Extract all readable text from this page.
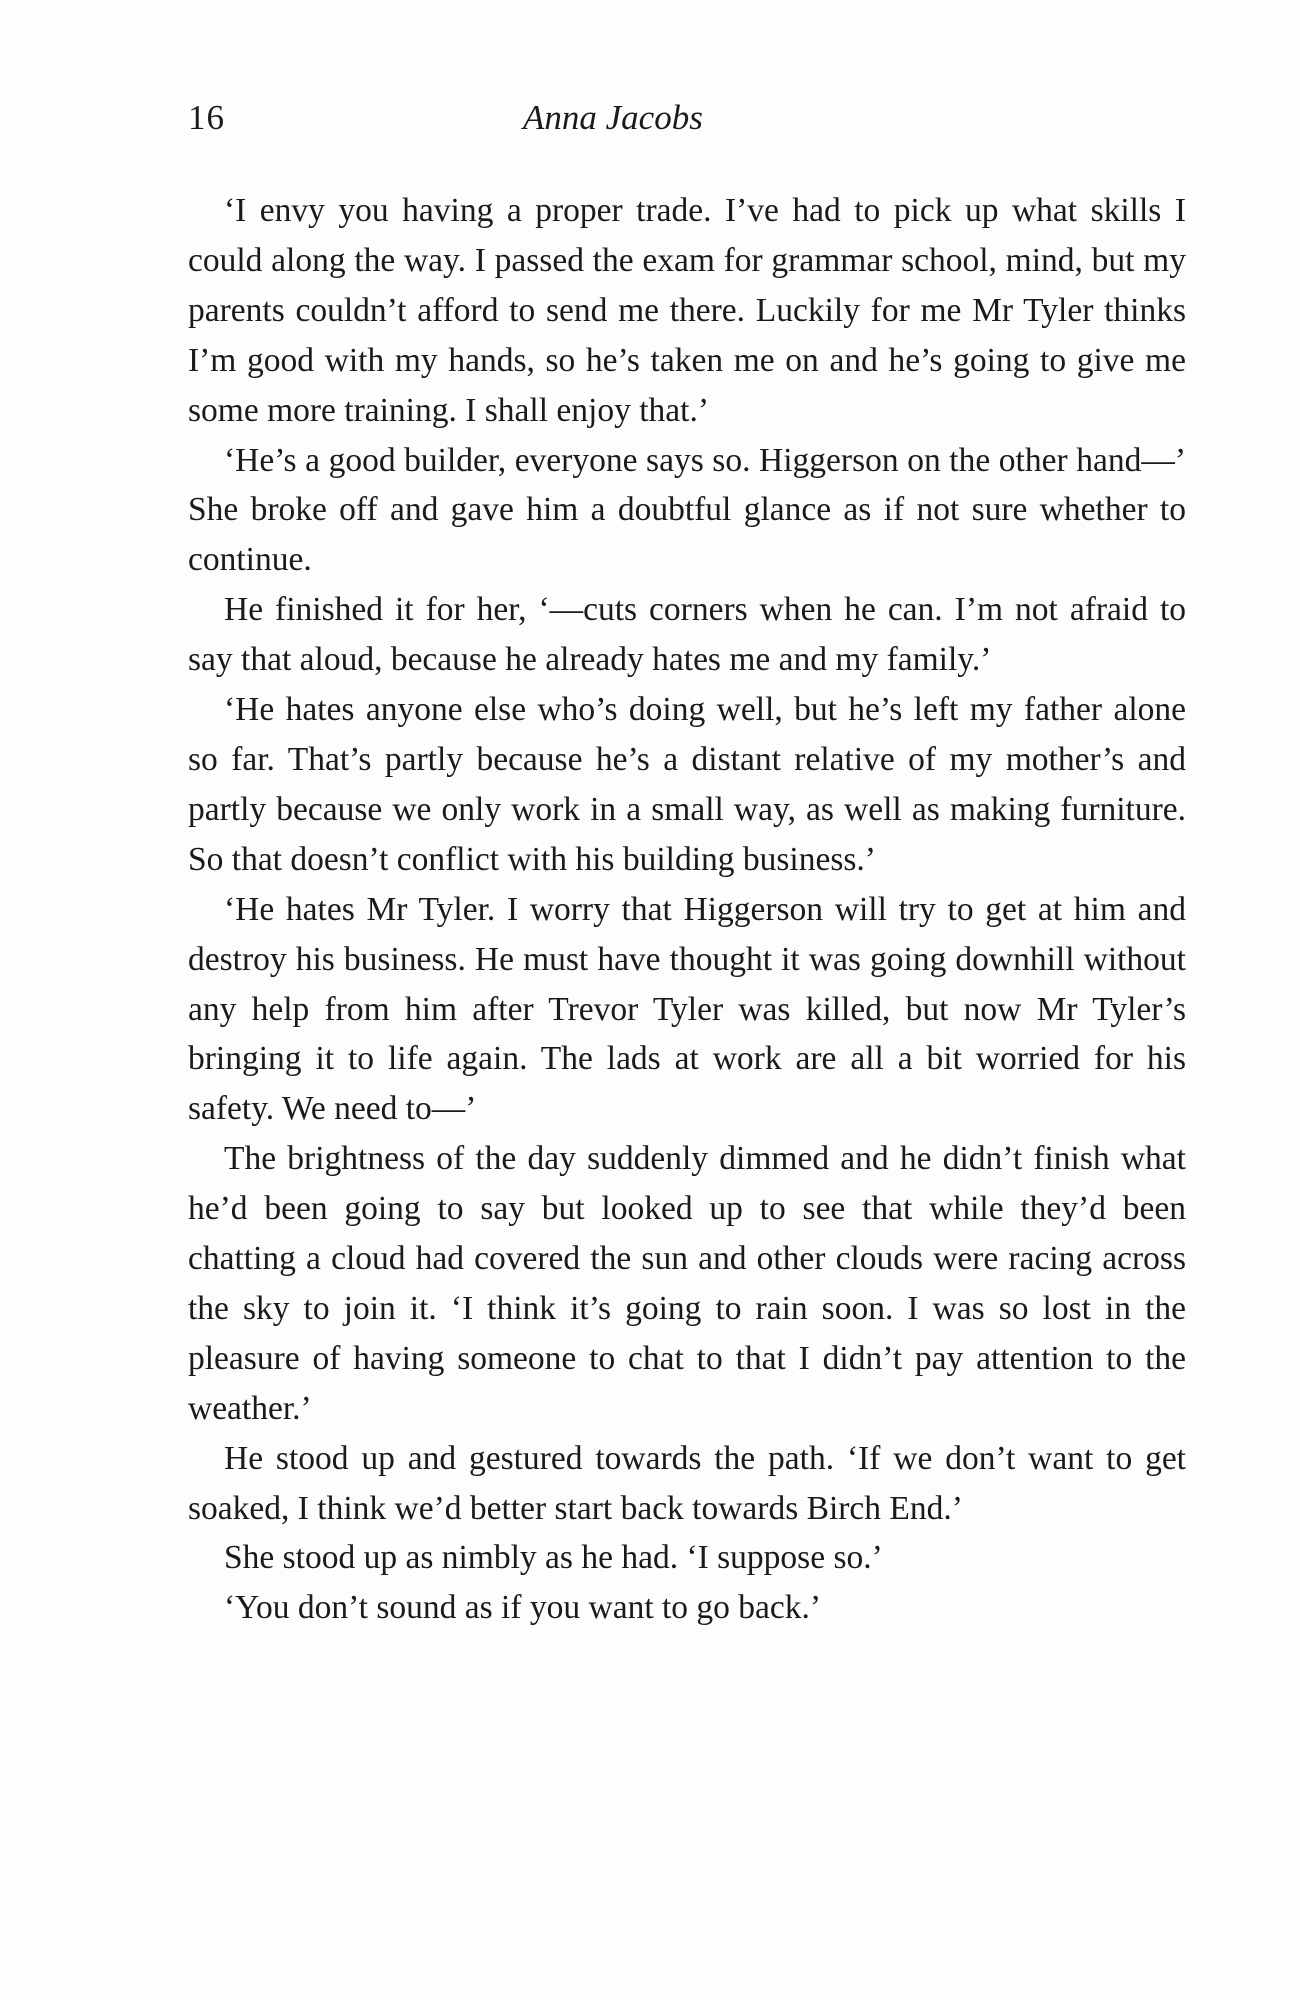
16	Anna Jacobs

‘I envy you having a proper trade. I’ve had to pick up what skills I could along the way. I passed the exam for grammar school, mind, but my parents couldn’t afford to send me there. Luckily for me Mr Tyler thinks I’m good with my hands, so he’s taken me on and he’s going to give me some more training. I shall enjoy that.’

‘He’s a good builder, everyone says so. Higgerson on the other hand—’ She broke off and gave him a doubtful glance as if not sure whether to continue.

He finished it for her, ‘—cuts corners when he can. I’m not afraid to say that aloud, because he already hates me and my family.’

‘He hates anyone else who’s doing well, but he’s left my father alone so far. That’s partly because he’s a distant relative of my mother’s and partly because we only work in a small way, as well as making furniture. So that doesn’t conflict with his building business.’

‘He hates Mr Tyler. I worry that Higgerson will try to get at him and destroy his business. He must have thought it was going downhill without any help from him after Trevor Tyler was killed, but now Mr Tyler’s bringing it to life again. The lads at work are all a bit worried for his safety. We need to—’

The brightness of the day suddenly dimmed and he didn’t finish what he’d been going to say but looked up to see that while they’d been chatting a cloud had covered the sun and other clouds were racing across the sky to join it. ‘I think it’s going to rain soon. I was so lost in the pleasure of having someone to chat to that I didn’t pay attention to the weather.’

He stood up and gestured towards the path. ‘If we don’t want to get soaked, I think we’d better start back towards Birch End.’

She stood up as nimbly as he had. ‘I suppose so.’

‘You don’t sound as if you want to go back.’
